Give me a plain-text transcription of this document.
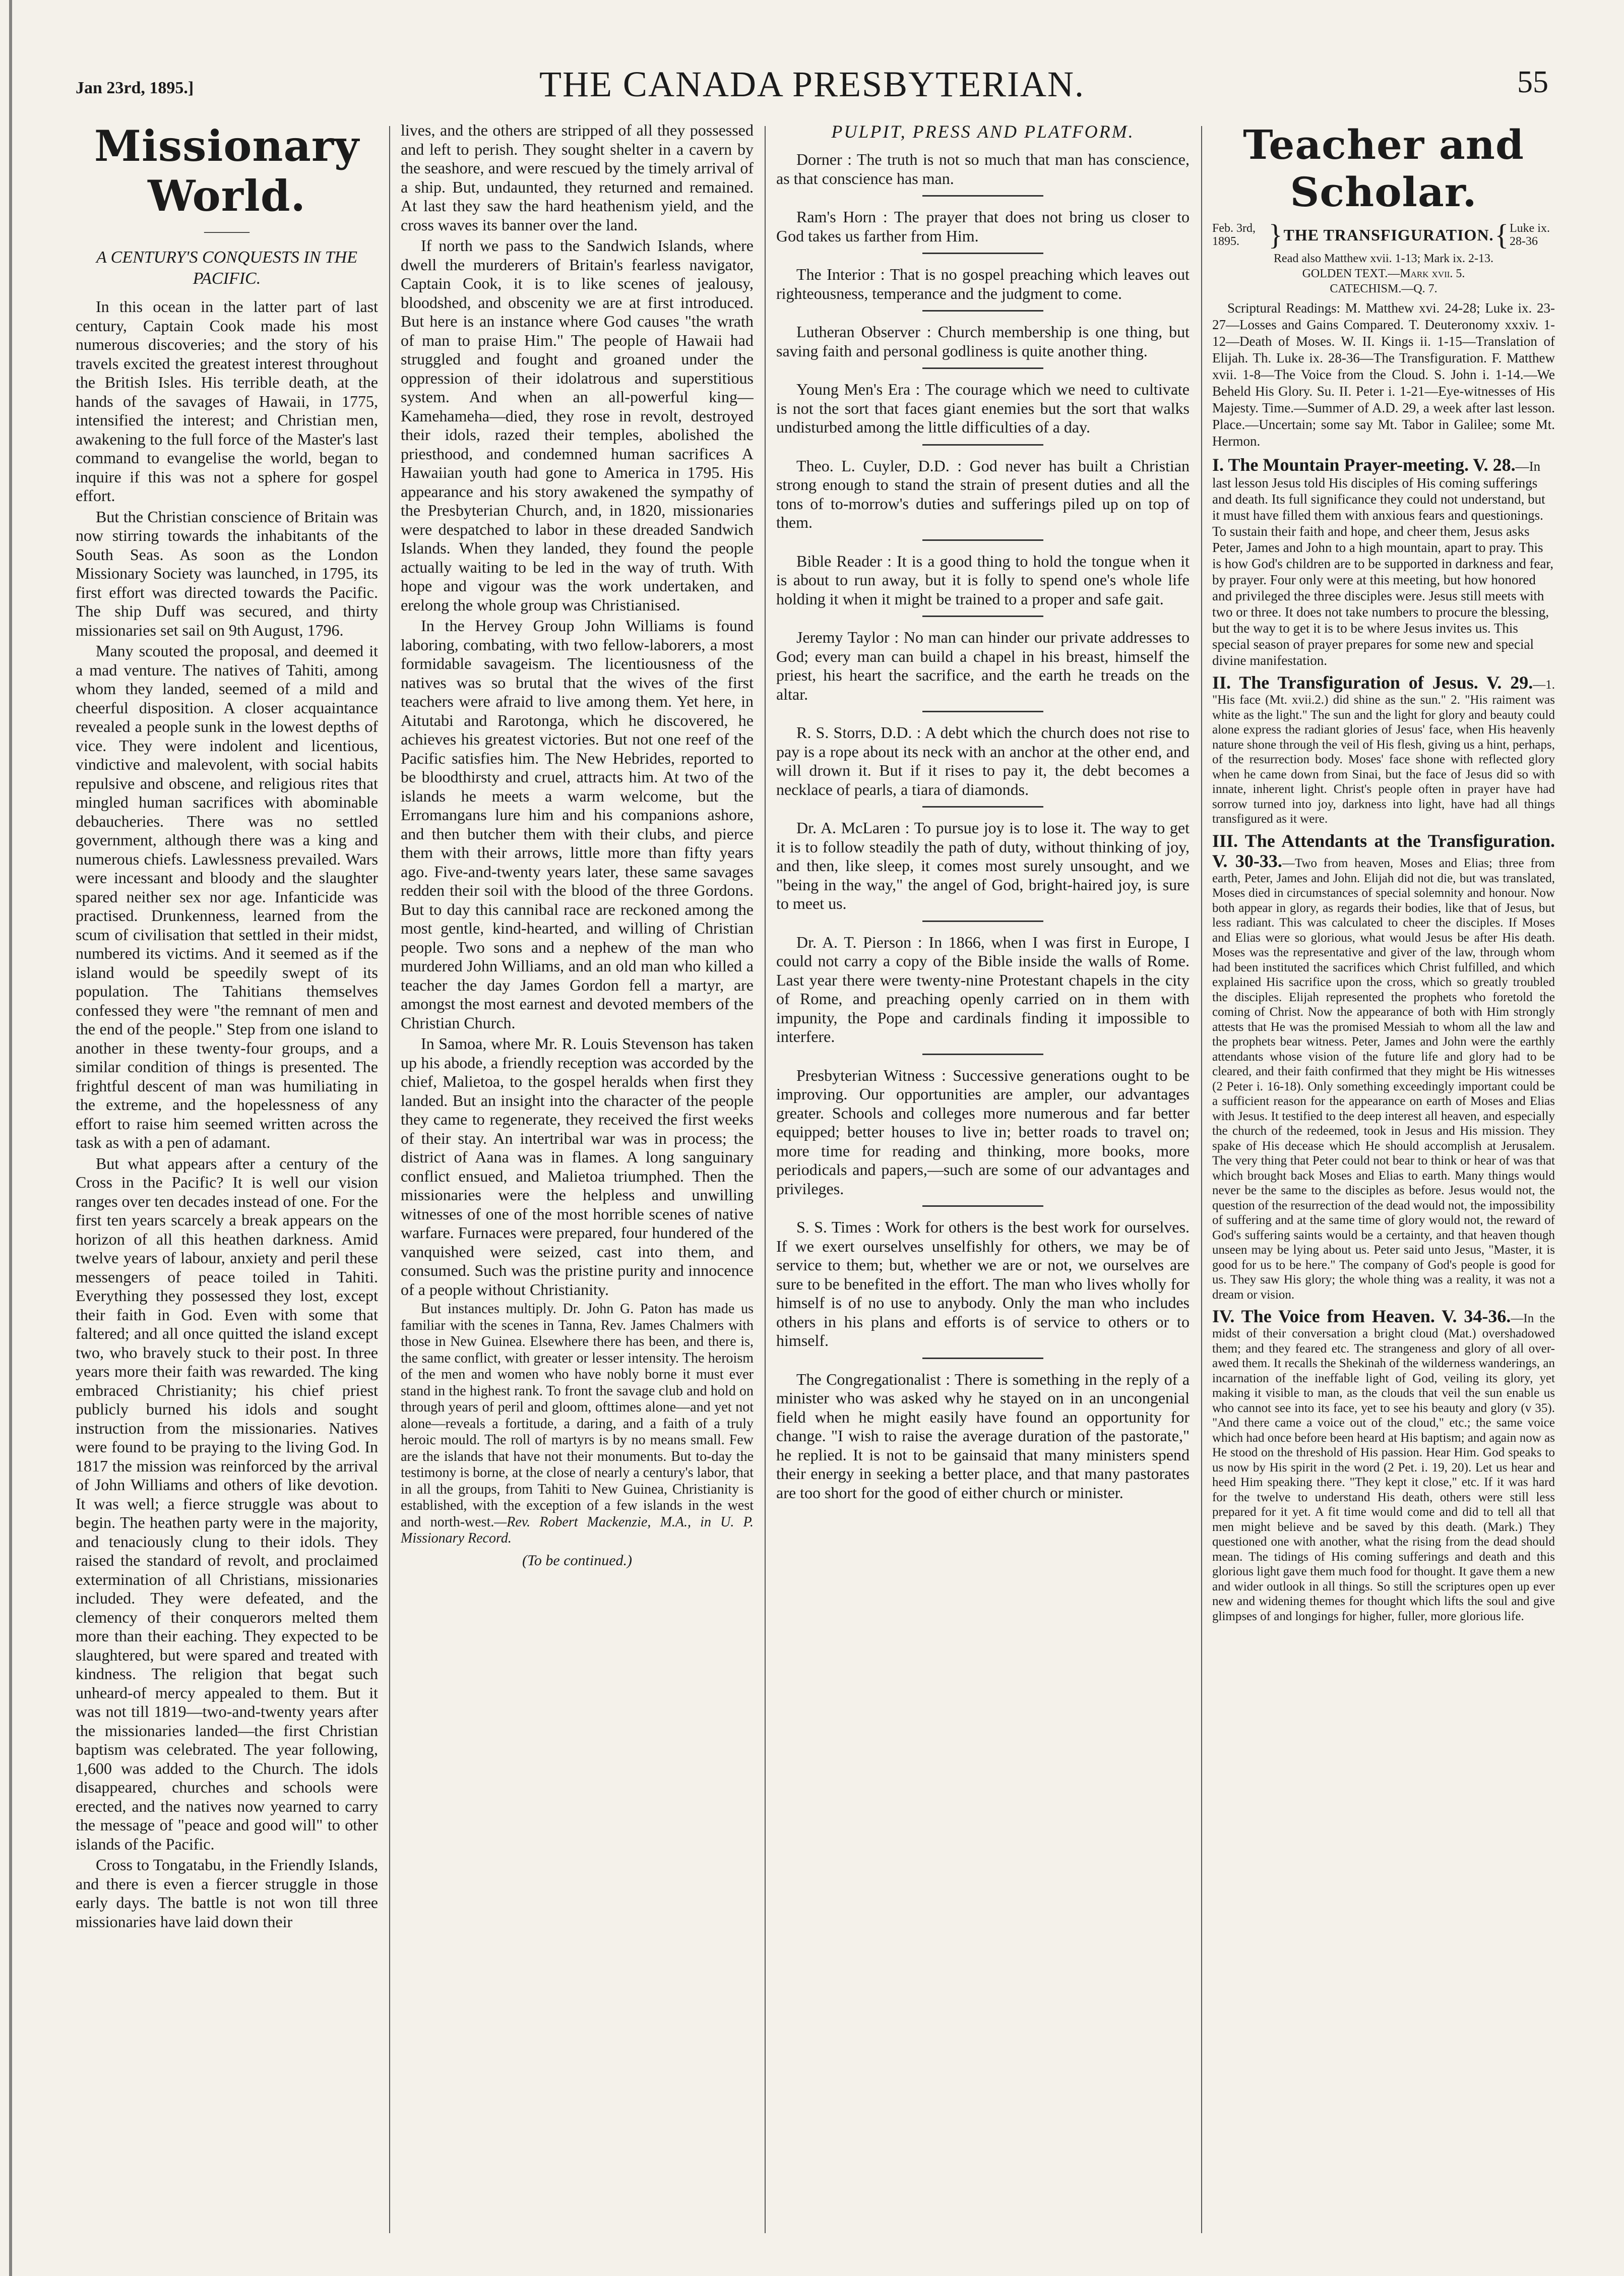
Jan 23rd, 1895.]	THE CANADA PRESBYTERIAN.	55
Missionary World.
———
A CENTURY'S CONQUESTS IN THE PACIFIC.

In this ocean in the latter part of last century, Captain Cook made his most numerous discoveries; and the story of his travels excited the greatest interest throughout the British Isles. His terrible death, at the hands of the savages of Hawaii, in 1775, intensified the interest; and Christian men, awakening to the full force of the Master's last command to evangelise the world, began to inquire if this was not a sphere for gospel effort.

But the Christian conscience of Britain was now stirring towards the inhabitants of the South Seas. As soon as the London Missionary Society was launched, in 1795, its first effort was directed towards the Pacific. The ship Duff was secured, and thirty missionaries set sail on 9th August, 1796.

Many scouted the proposal, and deemed it a mad venture. The natives of Tahiti, among whom they landed, seemed of a mild and cheerful disposition. A closer acquaintance revealed a people sunk in the lowest depths of vice. They were indolent and licentious, vindictive and malevolent, with social habits repulsive and obscene, and religious rites that mingled human sacrifices with abominable debaucheries. There was no settled government, although there was a king and numerous chiefs. Lawlessness prevailed. Wars were incessant and bloody and the slaughter spared neither sex nor age. Infanticide was practised. Drunkenness, learned from the scum of civilisation that settled in their midst, numbered its victims. And it seemed as if the island would be speedily swept of its population. The Tahitians themselves confessed they were "the remnant of men and the end of the people." Step from one island to another in these twenty-four groups, and a similar condition of things is presented. The frightful descent of man was humiliating in the extreme, and the hopelessness of any effort to raise him seemed written across the task as with a pen of adamant.

But what appears after a century of the Cross in the Pacific? It is well our vision ranges over ten decades instead of one. For the first ten years scarcely a break appears on the horizon of all this heathen darkness. Amid twelve years of labour, anxiety and peril these messengers of peace toiled in Tahiti. Everything they possessed they lost, except their faith in God. Even with some that faltered; and all once quitted the island except two, who bravely stuck to their post. In three years more their faith was rewarded. The king embraced Christianity; his chief priest publicly burned his idols and sought instruction from the missionaries. Natives were found to be praying to the living God. In 1817 the mission was reinforced by the arrival of John Williams and others of like devotion. It was well; a fierce struggle was about to begin. The heathen party were in the majority, and tenaciously clung to their idols. They raised the standard of revolt, and proclaimed extermination of all Christians, missionaries included. They were defeated, and the clemency of their conquerors melted them more than their eaching. They expected to be slaughtered, but were spared and treated with kindness. The religion that begat such unheard-of mercy appealed to them. But it was not till 1819—two-and-twenty years after the missionaries landed—the first Christian baptism was celebrated. The year following, 1,600 was added to the Church. The idols disappeared, churches and schools were erected, and the natives now yearned to carry the message of "peace and good will" to other islands of the Pacific.

Cross to Tongatabu, in the Friendly Islands, and there is even a fiercer struggle in those early days. The battle is not won till three missionaries have laid down their

lives, and the others are stripped of all they possessed and left to perish. They sought shelter in a cavern by the seashore, and were rescued by the timely arrival of a ship. But, undaunted, they returned and remained. At last they saw the hard heathenism yield, and the cross waves its banner over the land.

If north we pass to the Sandwich Islands, where dwell the murderers of Britain's fearless navigator, Captain Cook, it is to like scenes of jealousy, bloodshed, and obscenity we are at first introduced. But here is an instance where God causes "the wrath of man to praise Him." The people of Hawaii had struggled and fought and groaned under the oppression of their idolatrous and superstitious system. And when an all-powerful king—Kamehameha—died, they rose in revolt, destroyed their idols, razed their temples, abolished the priesthood, and condemned human sacrifices A Hawaiian youth had gone to America in 1795. His appearance and his story awakened the sympathy of the Presbyterian Church, and, in 1820, missionaries were despatched to labor in these dreaded Sandwich Islands. When they landed, they found the people actually waiting to be led in the way of truth. With hope and vigour was the work undertaken, and erelong the whole group was Christianised.

In the Hervey Group John Williams is found laboring, combating, with two fellow-laborers, a most formidable savageism. The licentiousness of the natives was so brutal that the wives of the first teachers were afraid to live among them. Yet here, in Aitutabi and Rarotonga, which he discovered, he achieves his greatest victories. But not one reef of the Pacific satisfies him. The New Hebrides, reported to be bloodthirsty and cruel, attracts him. At two of the islands he meets a warm welcome, but the Erromangans lure him and his companions ashore, and then butcher them with their clubs, and pierce them with their arrows, little more than fifty years ago. Five-and-twenty years later, these same savages redden their soil with the blood of the three Gordons. But to day this cannibal race are reckoned among the most gentle, kind-hearted, and willing of Christian people. Two sons and a nephew of the man who murdered John Williams, and an old man who killed a teacher the day James Gordon fell a martyr, are amongst the most earnest and devoted members of the Christian Church.

In Samoa, where Mr. R. Louis Stevenson has taken up his abode, a friendly reception was accorded by the chief, Malietoa, to the gospel heralds when first they landed. But an insight into the character of the people they came to regenerate, they received the first weeks of their stay. An intertribal war was in process; the district of Aana was in flames. A long sanguinary conflict ensued, and Malietoa triumphed. Then the missionaries were the helpless and unwilling witnesses of one of the most horrible scenes of native warfare. Furnaces were prepared, four hundered of the vanquished were seized, cast into them, and consumed. Such was the pristine purity and innocence of a people without Christianity.

But instances multiply. Dr. John G. Paton has made us familiar with the scenes in Tanna, Rev. James Chalmers with those in New Guinea. Elsewhere there has been, and there is, the same conflict, with greater or lesser intensity. The heroism of the men and women who have nobly borne it must ever stand in the highest rank. To front the savage club and hold on through years of peril and gloom, ofttimes alone—and yet not alone—reveals a fortitude, a daring, and a faith of a truly heroic mould. The roll of martyrs is by no means small. Few are the islands that have not their monuments. But to-day the testimony is borne, at the close of nearly a century's labor, that in all the groups, from Tahiti to New Guinea, Christianity is established, with the exception of a few islands in the west and north-west.—Rev. Robert Mackenzie, M.A., in U. P. Missionary Record.

(To be continued.)
PULPIT, PRESS AND PLATFORM.

Dorner : The truth is not so much that man has conscience, as that conscience has man.

Ram's Horn : The prayer that does not bring us closer to God takes us farther from Him.

The Interior : That is no gospel preaching which leaves out righteousness, temperance and the judgment to come.

Lutheran Observer : Church membership is one thing, but saving faith and personal godliness is quite another thing.

Young Men's Era : The courage which we need to cultivate is not the sort that faces giant enemies but the sort that walks undisturbed among the little difficulties of a day.

Theo. L. Cuyler, D.D. : God never has built a Christian strong enough to stand the strain of present duties and all the tons of to-morrow's duties and sufferings piled up on top of them.

Bible Reader : It is a good thing to hold the tongue when it is about to run away, but it is folly to spend one's whole life holding it when it might be trained to a proper and safe gait.

Jeremy Taylor : No man can hinder our private addresses to God; every man can build a chapel in his breast, himself the priest, his heart the sacrifice, and the earth he treads on the altar.

R. S. Storrs, D.D. : A debt which the church does not rise to pay is a rope about its neck with an anchor at the other end, and will drown it. But if it rises to pay it, the debt becomes a necklace of pearls, a tiara of diamonds.

Dr. A. McLaren : To pursue joy is to lose it. The way to get it is to follow steadily the path of duty, without thinking of joy, and then, like sleep, it comes most surely unsought, and we "being in the way," the angel of God, bright-haired joy, is sure to meet us.

Dr. A. T. Pierson : In 1866, when I was first in Europe, I could not carry a copy of the Bible inside the walls of Rome. Last year there were twenty-nine Protestant chapels in the city of Rome, and preaching openly carried on in them with impunity, the Pope and cardinals finding it impossible to interfere.

Presbyterian Witness : Successive generations ought to be improving. Our opportunities are ampler, our advantages greater. Schools and colleges more numerous and far better equipped; better houses to live in; better roads to travel on; more time for reading and thinking, more books, more periodicals and papers,—such are some of our advantages and privileges.

S. S. Times : Work for others is the best work for ourselves. If we exert ourselves unselfishly for others, we may be of service to them; but, whether we are or not, we ourselves are sure to be benefited in the effort. The man who lives wholly for himself is of no use to anybody. Only the man who includes others in his plans and efforts is of service to others or to himself.

The Congregationalist : There is something in the reply of a minister who was asked why he stayed on in an uncongenial field when he might easily have found an opportunity for change. "I wish to raise the average duration of the pastorate," he replied. It is not to be gainsaid that many ministers spend their energy in seeking a better place, and that many pastorates are too short for the good of either church or minister.

Teacher and Scholar.
Feb. 3rd, 1895. } THE TRANSFIGURATION. { Luke ix. 28-36
Read also Matthew xvii. 1-13; Mark ix. 2-13.
GOLDEN TEXT.—Mark xvii. 5.
CATECHISM.—Q. 7.

Scriptural Readings: M. Matthew xvi. 24-28; Luke ix. 23-27—Losses and Gains Compared. T. Deuteronomy xxxiv. 1-12—Death of Moses. W. II. Kings ii. 1-15—Translation of Elijah. Th. Luke ix. 28-36—The Transfiguration. F. Matthew xvii. 1-8—The Voice from the Cloud. S. John i. 1-14.—We Beheld His Glory. Su. II. Peter i. 1-21—Eye-witnesses of His Majesty. Time.—Summer of A.D. 29, a week after last lesson. Place.—Uncertain; some say Mt. Tabor in Galilee; some Mt. Hermon.

I. The Mountain Prayer-meeting. V. 28.—In last lesson Jesus told His disciples of His coming sufferings and death. Its full significance they could not understand, but it must have filled them with anxious fears and questionings. To sustain their faith and hope, and cheer them, Jesus asks Peter, James and John to a high mountain, apart to pray. This is how God's children are to be supported in darkness and fear, by prayer. Four only were at this meeting, but how honored and privileged the three disciples were. Jesus still meets with two or three. It does not take numbers to procure the blessing, but the way to get it is to be where Jesus invites us. This special season of prayer prepares for some new and special divine manifestation.
II. The Transfiguration of Jesus. V. 29.—1. "His face (Mt. xvii.2.) did shine as the sun." 2. "His raiment was white as the light." The sun and the light for glory and beauty could alone express the radiant glories of Jesus' face, when His heavenly nature shone through the veil of His flesh, giving us a hint, perhaps, of the resurrection body. Moses' face shone with reflected glory when he came down from Sinai, but the face of Jesus did so with innate, inherent light. Christ's people often in prayer have had sorrow turned into joy, darkness into light, have had all things transfigured as it were.
III. The Attendants at the Transfiguration. V. 30-33.—Two from heaven, Moses and Elias; three from earth, Peter, James and John. Elijah did not die, but was translated, Moses died in circumstances of special solemnity and honour. Now both appear in glory, as regards their bodies, like that of Jesus, but less radiant. This was calculated to cheer the disciples. If Moses and Elias were so glorious, what would Jesus be after His death. Moses was the representative and giver of the law, through whom had been instituted the sacrifices which Christ fulfilled, and which explained His sacrifice upon the cross, which so greatly troubled the disciples. Elijah represented the prophets who foretold the coming of Christ. Now the appearance of both with Him strongly attests that He was the promised Messiah to whom all the law and the prophets bear witness. Peter, James and John were the earthly attendants whose vision of the future life and glory had to be cleared, and their faith confirmed that they might be His witnesses (2 Peter i. 16-18). Only something exceedingly important could be a sufficient reason for the appearance on earth of Moses and Elias with Jesus. It testified to the deep interest all heaven, and especially the church of the redeemed, took in Jesus and His mission. They spake of His decease which He should accomplish at Jerusalem. The very thing that Peter could not bear to think or hear of was that which brought back Moses and Elias to earth. Many things would never be the same to the disciples as before. Jesus would not, the question of the resurrection of the dead would not, the impossibility of suffering and at the same time of glory would not, the reward of God's suffering saints would be a certainty, and that heaven though unseen may be lying about us. Peter said unto Jesus, "Master, it is good for us to be here." The company of God's people is good for us. They saw His glory; the whole thing was a reality, it was not a dream or vision.
IV. The Voice from Heaven. V. 34-36.—In the midst of their conversation a bright cloud (Mat.) overshadowed them; and they feared etc. The strangeness and glory of all over-awed them. It recalls the Shekinah of the wilderness wanderings, an incarnation of the ineffable light of God, veiling its glory, yet making it visible to man, as the clouds that veil the sun enable us who cannot see into its face, yet to see his beauty and glory (v 35). "And there came a voice out of the cloud," etc.; the same voice which had once before been heard at His baptism; and again now as He stood on the threshold of His passion. Hear Him. God speaks to us now by His spirit in the word (2 Pet. i. 19, 20). Let us hear and heed Him speaking there. "They kept it close," etc. If it was hard for the twelve to understand His death, others were still less prepared for it yet. A fit time would come and did to tell all that men might believe and be saved by this death. (Mark.) They questioned one with another, what the rising from the dead should mean. The tidings of His coming sufferings and death and this glorious light gave them much food for thought. It gave them a new and wider outlook in all things. So still the scriptures open up ever new and widening themes for thought which lifts the soul and give glimpses of and longings for higher, fuller, more glorious life.
